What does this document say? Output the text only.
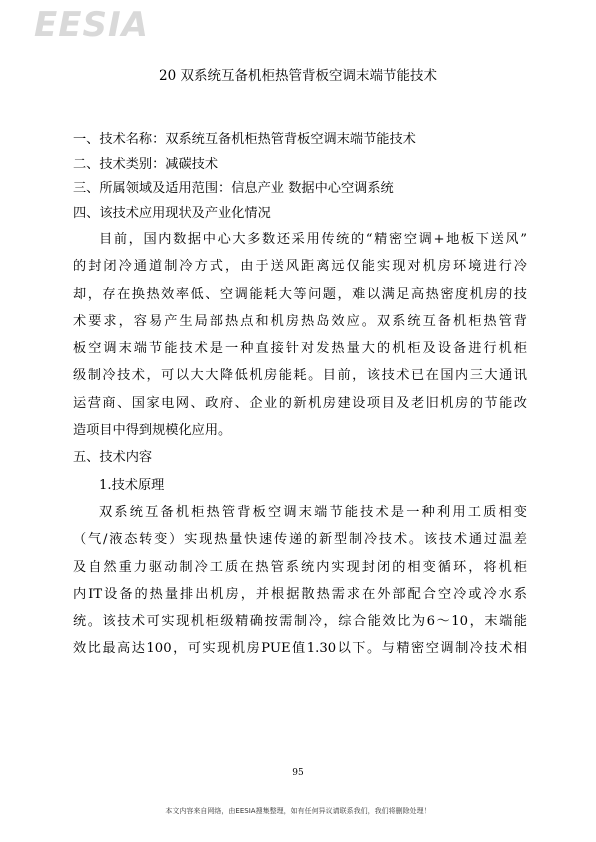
EESIA
20 双系统互备机柜热管背板空调末端节能技术
一、技术名称：双系统互备机柜热管背板空调末端节能技术
二、技术类别：减碳技术
三、所属领域及适用范围：信息产业 数据中心空调系统
四、该技术应用现状及产业化情况
目前，国内数据中心大多数还采用传统的“精密空调+地板下送风”
的封闭冷通道制冷方式，由于送风距离远仅能实现对机房环境进行冷
却，存在换热效率低、空调能耗大等问题，难以满足高热密度机房的技
术要求，容易产生局部热点和机房热岛效应。双系统互备机柜热管背
板空调末端节能技术是一种直接针对发热量大的机柜及设备进行机柜
级制冷技术，可以大大降低机房能耗。目前，该技术已在国内三大通讯
运营商、国家电网、政府、企业的新机房建设项目及老旧机房的节能改
造项目中得到规模化应用。
五、技术内容
1.技术原理
双系统互备机柜热管背板空调末端节能技术是一种利用工质相变
（气/液态转变）实现热量快速传递的新型制冷技术。该技术通过温差
及自然重力驱动制冷工质在热管系统内实现封闭的相变循环，将机柜
内IT设备的热量排出机房，并根据散热需求在外部配合空冷或冷水系
统。该技术可实现机柜级精确按需制冷，综合能效比为6～10，末端能
效比最高达100，可实现机房PUE值1.30以下。与精密空调制冷技术相
95
本文内容来自网络，由EESIA搜集整理，如有任何异议请联系我们，我们将删除处理！
